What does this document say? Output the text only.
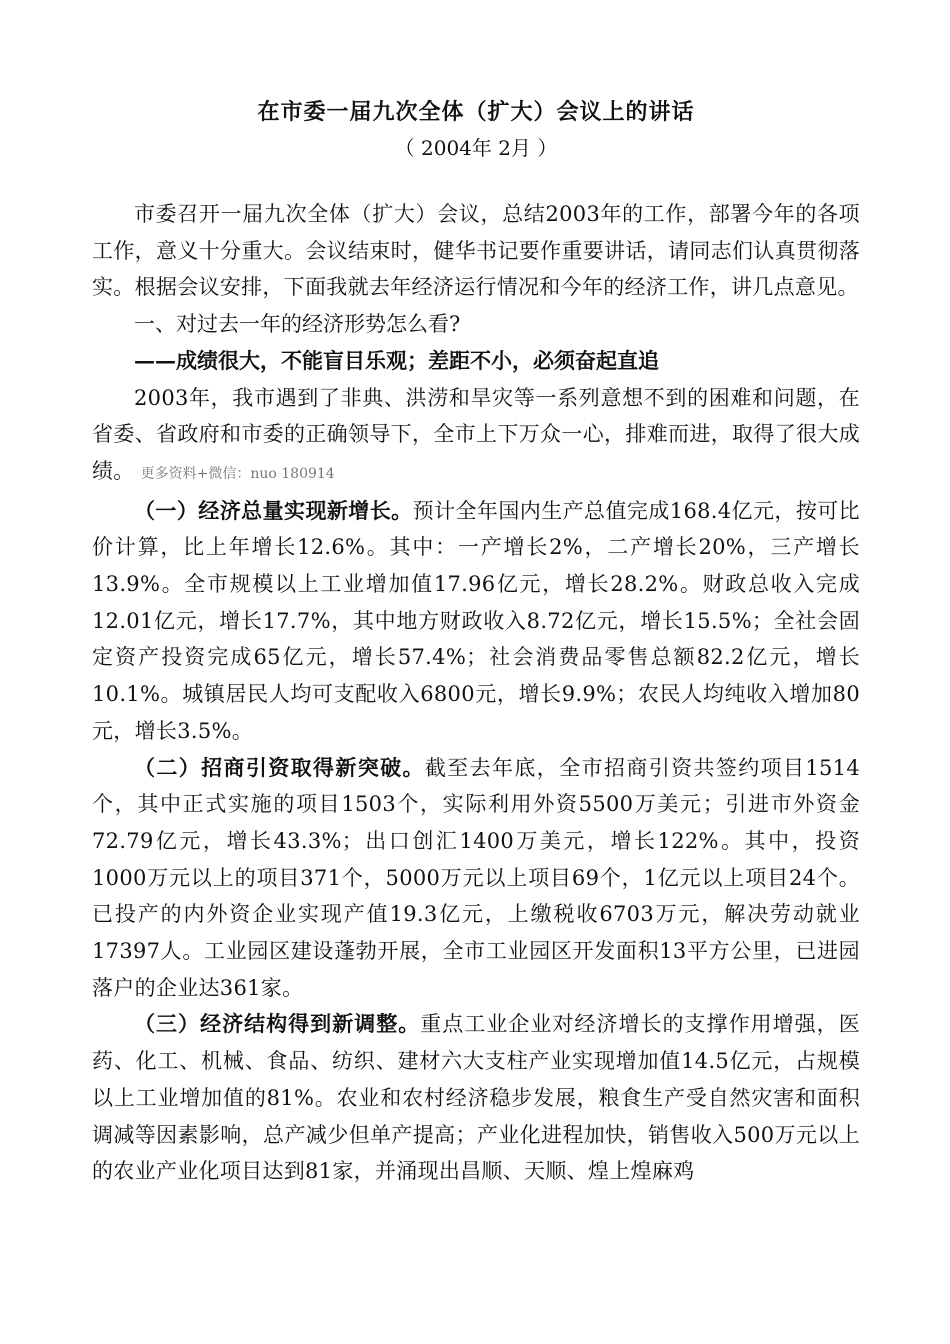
在市委一届九次全体（扩大）会议上的讲话
（ 2004年 2月 ）

市委召开一届九次全体（扩大）会议，总结2003年的工作，部署今年的各项工作，意义十分重大。会议结束时，健华书记要作重要讲话，请同志们认真贯彻落实。根据会议安排，下面我就去年经济运行情况和今年的经济工作，讲几点意见。

一、对过去一年的经济形势怎么看?

——成绩很大，不能盲目乐观；差距不小，必须奋起直追

2003年，我市遇到了非典、洪涝和旱灾等一系列意想不到的困难和问题，在省委、省政府和市委的正确领导下，全市上下万众一心，排难而进，取得了很大成绩。 更多资料+微信：nuo 180914

（一）经济总量实现新增长。预计全年国内生产总值完成168.4亿元，按可比价计算，比上年增长12.6%。其中：一产增长2%，二产增长20%，三产增长13.9%。全市规模以上工业增加值17.96亿元，增长28.2%。财政总收入完成12.01亿元，增长17.7%，其中地方财政收入8.72亿元，增长15.5%；全社会固定资产投资完成65亿元，增长57.4%；社会消费品零售总额82.2亿元，增长10.1%。城镇居民人均可支配收入6800元，增长9.9%；农民人均纯收入增加80元，增长3.5%。

（二）招商引资取得新突破。截至去年底，全市招商引资共签约项目1514个，其中正式实施的项目1503个，实际利用外资5500万美元；引进市外资金72.79亿元，增长43.3%；出口创汇1400万美元，增长122%。其中，投资1000万元以上的项目371个，5000万元以上项目69个，1亿元以上项目24个。已投产的内外资企业实现产值19.3亿元，上缴税收6703万元，解决劳动就业17397人。工业园区建设蓬勃开展，全市工业园区开发面积13平方公里，已进园落户的企业达361家。

（三）经济结构得到新调整。重点工业企业对经济增长的支撑作用增强，医药、化工、机械、食品、纺织、建材六大支柱产业实现增加值14.5亿元，占规模以上工业增加值的81%。农业和农村经济稳步发展，粮食生产受自然灾害和面积调减等因素影响，总产减少但单产提高；产业化进程加快，销售收入500万元以上的农业产业化项目达到81家，并涌现出昌顺、天顺、煌上煌麻鸡
